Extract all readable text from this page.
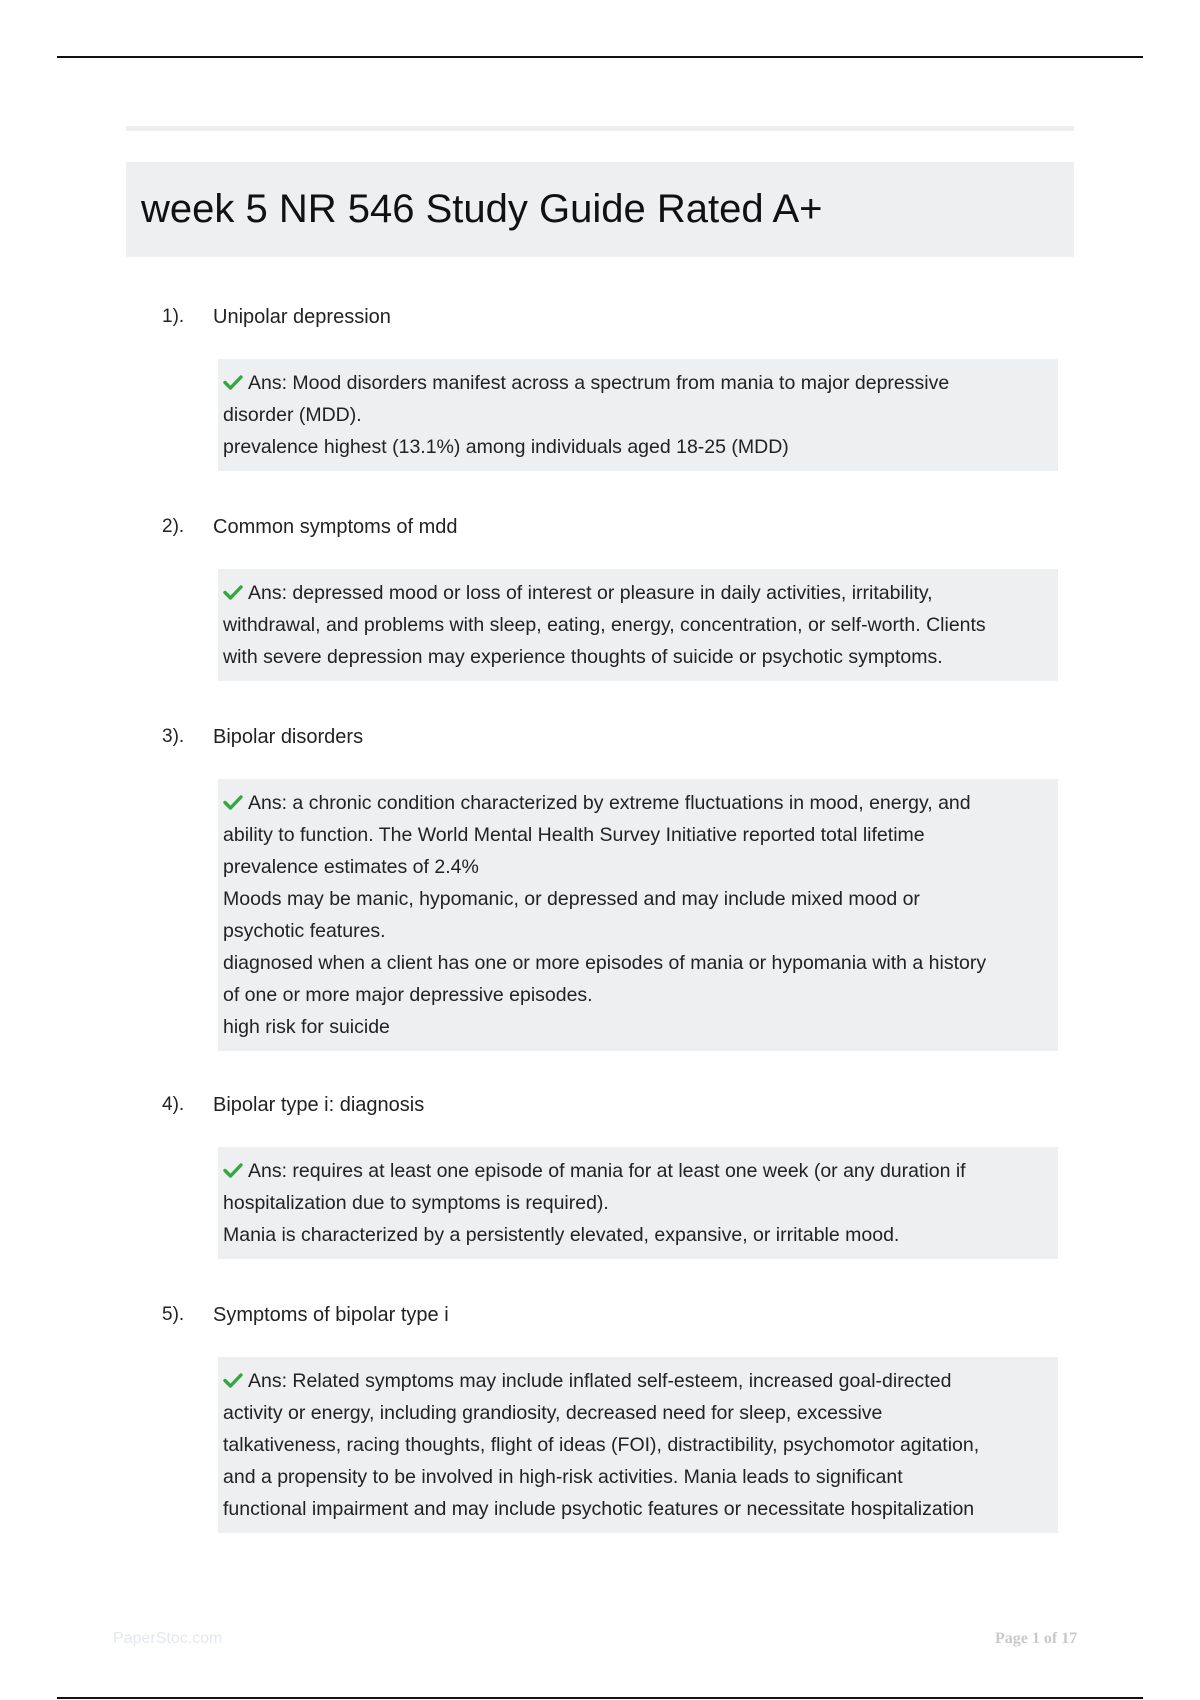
week 5 NR 546 Study Guide Rated A+
1). Unipolar depression
Ans: Mood disorders manifest across a spectrum from mania to major depressive
disorder (MDD).
prevalence highest (13.1%) among individuals aged 18-25 (MDD)
2). Common symptoms of mdd
Ans: depressed mood or loss of interest or pleasure in daily activities, irritability,
withdrawal, and problems with sleep, eating, energy, concentration, or self-worth. Clients
with severe depression may experience thoughts of suicide or psychotic symptoms.
3). Bipolar disorders
Ans: a chronic condition characterized by extreme fluctuations in mood, energy, and
ability to function. The World Mental Health Survey Initiative reported total lifetime
prevalence estimates of 2.4%
Moods may be manic, hypomanic, or depressed and may include mixed mood or
psychotic features.
diagnosed when a client has one or more episodes of mania or hypomania with a history
of one or more major depressive episodes.
high risk for suicide
4). Bipolar type i: diagnosis
Ans: requires at least one episode of mania for at least one week (or any duration if
hospitalization due to symptoms is required).
Mania is characterized by a persistently elevated, expansive, or irritable mood.
5). Symptoms of bipolar type i
Ans: Related symptoms may include inflated self-esteem, increased goal-directed
activity or energy, including grandiosity, decreased need for sleep, excessive
talkativeness, racing thoughts, flight of ideas (FOI), distractibility, psychomotor agitation,
and a propensity to be involved in high-risk activities. Mania leads to significant
functional impairment and may include psychotic features or necessitate hospitalization
PaperStoc.com	Page 1 of 17
